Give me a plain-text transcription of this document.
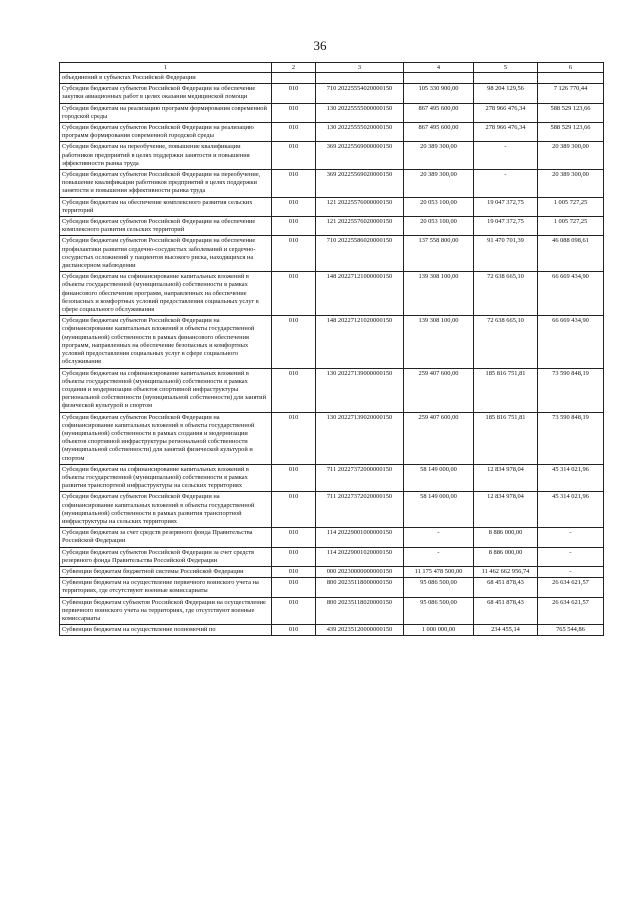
36
1	2	3	4	5	6
объединений в субъектах Российской Федерации					
Субсидии бюджетам субъектов Российской Федерации на обеспечение закупки авиационных работ в целях оказания медицинской помощи	010	710 20225554020000150	105 330 900,00	98 204 129,56	7 126 770,44
Субсидии бюджетам на реализацию программ формирования современной городской среды	010	130 20225555000000150	867 495 600,00	278 966 476,34	588 529 123,66
Субсидии бюджетам субъектов Российской Федерации на реализацию программ формирования современной городской среды	010	130 20225555020000150	867 495 600,00	278 966 476,34	588 529 123,66
Субсидии бюджетам на переобучение, повышение квалификации работников предприятий в целях поддержки занятости и повышения эффективности рынка труда	010	369 20225569000000150	20 389 300,00	-	20 389 300,00
Субсидии бюджетам субъектов Российской Федерации на переобучение, повышение квалификации работников предприятий в целях поддержки занятости и повышения эффективности рынка труда	010	369 20225569020000150	20 389 300,00	-	20 389 300,00
Субсидии бюджетам на обеспечение комплексного развития сельских территорий	010	121 20225576000000150	20 053 100,00	19 047 372,75	1 005 727,25
Субсидии бюджетам субъектов Российской Федерации на обеспечение комплексного развития сельских территорий	010	121 20225576020000150	20 053 100,00	19 047 372,75	1 005 727,25
Субсидии бюджетам субъектов Российской Федерации на обеспечение профилактики развития сердечно-сосудистых заболеваний и сердечно-сосудистых осложнений у пациентов высокого риска, находящихся на диспансерном наблюдении	010	710 20225586020000150	137 558 800,00	91 470 701,39	46 088 098,61
Субсидии бюджетам на софинансирование капитальных вложений в объекты государственной (муниципальной) собственности в рамках финансового обеспечения программ, направленных на обеспечение безопасных и комфортных условий предоставления социальных услуг в сфере социального обслуживания	010	148 20227121000000150	139 308 100,00	72 638 665,10	66 669 434,90
Субсидии бюджетам субъектов Российской Федерации на софинансирование капитальных вложений в объекты государственной (муниципальной) собственности в рамках финансового обеспечения программ, направленных на обеспечение безопасных и комфортных условий предоставления социальных услуг в сфере социального обслуживания	010	148 20227121020000150	139 308 100,00	72 638 665,10	66 669 434,90
Субсидии бюджетам на софинансирование капитальных вложений в объекты государственной (муниципальной) собственности в рамках создания и модернизации объектов спортивной инфраструктуры региональной собственности (муниципальной собственности) для занятий физической культурой и спортом	010	130 20227139000000150	259 407 600,00	185 816 751,81	73 590 848,19
Субсидии бюджетам субъектов Российской Федерации на софинансирование капитальных вложений в объекты государственной (муниципальной) собственности в рамках создания и модернизации объектов спортивной инфраструктуры региональной собственности (муниципальной собственности) для занятий физической культурой и спортом	010	130 20227139020000150	259 407 600,00	185 816 751,81	73 590 848,19
Субсидии бюджетам на софинансирование капитальных вложений в объекты государственной (муниципальной) собственности в рамках развития транспортной инфраструктуры на сельских территориях	010	711 20227372000000150	58 149 000,00	12 834 978,04	45 314 021,96
Субсидии бюджетам субъектов Российской Федерации на софинансирование капитальных вложений в объекты государственной (муниципальной) собственности в рамках развития транспортной инфраструктуры на сельских территориях	010	711 20227372020000150	58 149 000,00	12 834 978,04	45 314 021,96
Субсидии бюджетам за счет средств резервного фонда Правительства Российской Федерации	010	114 20229001000000150	-	8 886 000,00	-
Субсидии бюджетам субъектов Российской Федерации за счет средств резервного фонда Правительства Российской Федерации	010	114 20229001020000150	-	8 886 000,00	-
Субвенции бюджетам бюджетной системы Российской Федерации	010	000 20230000000000150	11 175 478 500,00	11 462 662 956,74	-
Субвенции бюджетам на осуществление первичного воинского учета на территориях, где отсутствуют военные комиссариаты	010	800 20235118000000150	95 086 500,00	68 451 878,43	26 634 621,57
Субвенции бюджетам субъектов Российской Федерации на осуществление первичного воинского учета на территориях, где отсутствуют военные комиссариаты	010	800 20235118020000150	95 086 500,00	68 451 878,43	26 634 621,57
Субвенции бюджетам на осуществление полномочий по	010	439 20235120000000150	1 000 000,00	234 455,14	765 544,86
